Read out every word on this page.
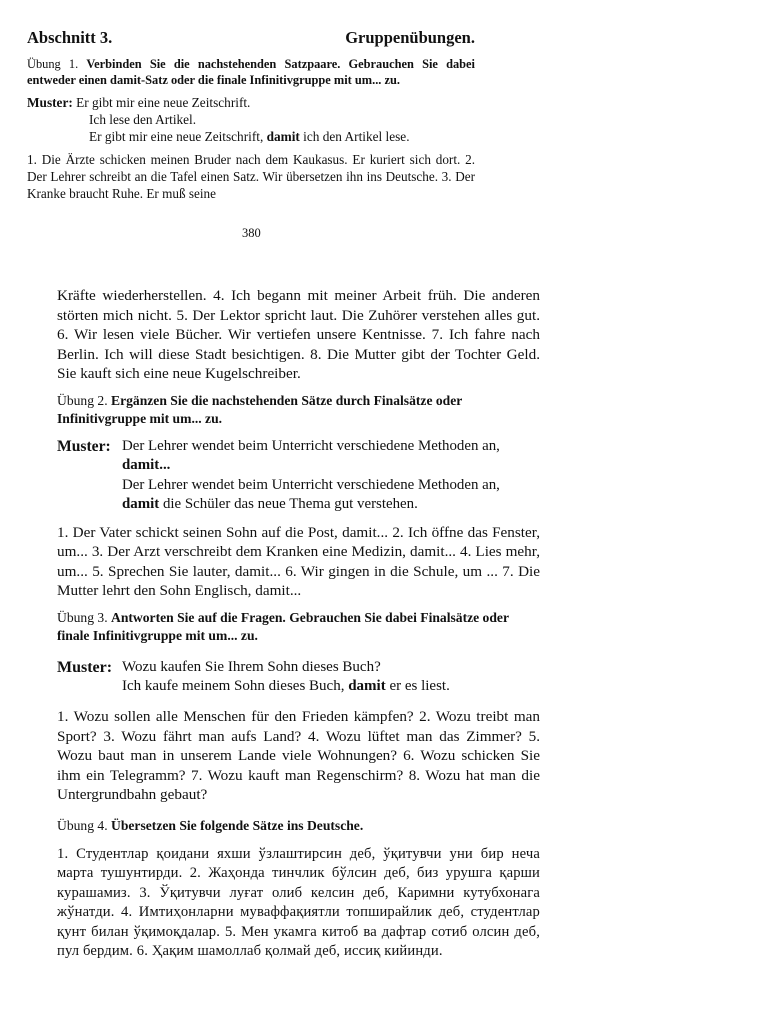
Abschnitt 3.	Gruppenübungen.
Übung 1. Verbinden Sie die nachstehenden Satzpaare. Gebrauchen Sie dabei entweder einen damit-Satz oder die finale Infinitivgruppe mit um... zu.
Muster: Er gibt mir eine neue Zeitschrift.
Ich lese den Artikel.
Er gibt mir eine neue Zeitschrift, damit ich den Artikel lese.
1. Die Ärzte schicken meinen Bruder nach dem Kaukasus. Er kuriert sich dort. 2. Der Lehrer schreibt an die Tafel einen Satz. Wir übersetzen ihn ins Deutsche. 3. Der Kranke braucht Ruhe. Er muß seine
380
Kräfte wiederherstellen. 4. Ich begann mit meiner Arbeit früh. Die anderen störten mich nicht. 5. Der Lektor spricht laut. Die Zuhörer verstehen alles gut. 6. Wir lesen viele Bücher. Wir vertiefen unsere Kentnisse. 7. Ich fahre nach Berlin. Ich will diese Stadt besichtigen. 8. Die Mutter gibt der Tochter Geld. Sie kauft sich eine neue Kugelschreiber.
Übung 2. Ergänzen Sie die nachstehenden Sätze durch Finalsätze oder Infinitivgruppe mit um... zu.
Muster: Der Lehrer wendet beim Unterricht verschiedene Methoden an, damit...
Der Lehrer wendet beim Unterricht verschiedene Methoden an, damit die Schüler das neue Thema gut verstehen.
1. Der Vater schickt seinen Sohn auf die Post, damit... 2. Ich öffne das Fenster, um... 3. Der Arzt verschreibt dem Kranken eine Medizin, damit... 4. Lies mehr, um... 5. Sprechen Sie lauter, damit... 6. Wir gingen in die Schule, um ... 7. Die Mutter lehrt den Sohn Englisch, damit...
Übung 3. Antworten Sie auf die Fragen. Gebrauchen Sie dabei Finalsätze oder finale Infinitivgruppe mit um... zu.
Muster: Wozu kaufen Sie Ihrem Sohn dieses Buch?
Ich kaufe meinem Sohn dieses Buch, damit er es liest.
1. Wozu sollen alle Menschen für den Frieden kämpfen? 2. Wozu treibt man Sport? 3. Wozu fährt man aufs Land? 4. Wozu lüftet man das Zimmer? 5. Wozu baut man in unserem Lande viele Wohnungen? 6. Wozu schicken Sie ihm ein Telegramm? 7. Wozu kauft man Regenschirm? 8. Wozu hat man die Untergrundbahn gebaut?
Übung 4. Übersetzen Sie folgende Sätze ins Deutsche.
1. Студентлар қоидани яхши ўзлаштирсин деб, ўқитувчи уни бир неча марта тушунтирди. 2. Жаҳонда тинчлик бўлсин деб, биз урушга қарши курашамиз. 3. Ўқитувчи луғат олиб келсин деб, Каримни кутубхонага жўнатди. 4. Имтиҳонларни муваффақиятли топширайлик деб, студентлар қунт билан ўқимоқдалар. 5. Мен укамга китоб ва дафтар сотиб олсин деб, пул бердим. 6. Ҳақим шамоллаб қолмай деб, иссиқ кийинди.
